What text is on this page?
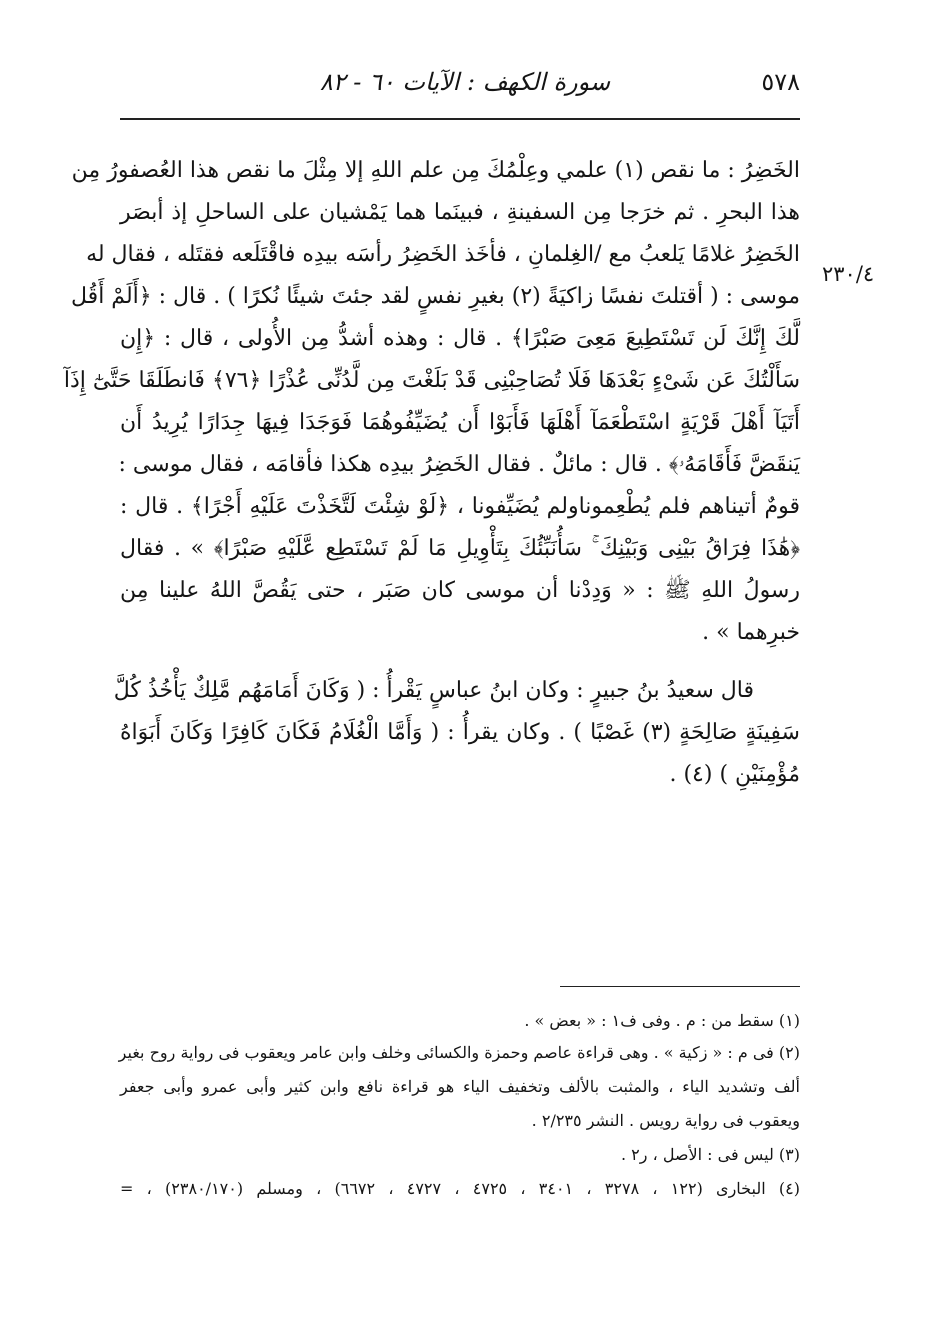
٥٧٨
سورة الكهف : الآيات ٦٠ - ٨٢
٢٣٠/٤
الخَضِرُ : ما نقص (١) علمي وعِلْمُكَ مِن علم اللهِ إلا مِثْلَ ما نقص هذا العُصفورُ مِن
هذا البحرِ . ثم خرَجا مِن السفينةِ ، فبينَما هما يَمْشيان على الساحلِ إذ أبصَر
الخَضِرُ غلامًا يَلعبُ مع /الغِلمانِ ، فأخَذ الخَضِرُ رأسَه بيدِه فاقْتَلَعه فقتَله ، فقال له
موسى : ( أقتلتَ نفسًا زاكيَةً (٢) بغيرِ نفسٍ لقد جئتَ شيئًا نُكرًا ) . قال : ﴿أَلَمْ أَقُل
لَّكَ إِنَّكَ لَن تَسْتَطِيعَ مَعِىَ صَبْرًا﴾ . قال : وهذه أشدُّ مِن الأُولى ، قال : ﴿إِن
سَأَلْتُكَ عَن شَىْءٍ بَعْدَهَا فَلَا تُصَاحِبْنِى قَدْ بَلَغْتَ مِن لَّدُنِّى عُذْرًا ﴿٧٦﴾ فَانطَلَقَا حَتَّىٰٓ إِذَآ
أَتَيَآ أَهْلَ قَرْيَةٍ اسْتَطْعَمَآ أَهْلَهَا فَأَبَوْا أَن يُضَيِّفُوهُمَا فَوَجَدَا فِيهَا جِدَارًا يُرِيدُ أَن
يَنقَضَّ فَأَقَامَهُۥ﴾ . قال : مائلٌ . فقال الخَضِرُ بيدِه هكذا فأقامَه ، فقال موسى :
قومٌ أتيناهم فلم يُطْعِموناولم يُضَيِّفونا ، ﴿لَوْ شِئْتَ لَتَّخَذْتَ عَلَيْهِ أَجْرًا﴾ . قال :
﴿هَٰذَا فِرَاقُ بَيْنِى وَبَيْنِكَ ۚ سَأُنَبِّئُكَ بِتَأْوِيلِ مَا لَمْ تَسْتَطِع عَّلَيْهِ صَبْرًا﴾ » . فقال
رسولُ اللهِ ﷺ : « وَدِدْنا أن موسى كان صَبَر ، حتى يَقُصَّ اللهُ علينا مِن
خبرِهما » .
قال سعيدُ بنُ جبيرٍ : وكان ابنُ عباسٍ يَقْرأُ : ( وَكَانَ أَمَامَهُم مَّلِكٌ يَأْخُذُ كُلَّ
سَفِينَةٍ صَالِحَةٍ (٣) غَصْبًا ) . وكان يقرأُ : ( وَأَمَّا الْغُلَامُ فَكَانَ كَافِرًا وَكَانَ أَبَوَاهُ
مُؤْمِنَيْنِ ) (٤) .
(١) سقط من : م . وفى ف١ : « بعض » .
(٢) فى م : « زكية » . وهى قراءة عاصم وحمزة والكسائى وخلف وابن عامر ويعقوب فى رواية روح بغير
ألف وتشديد الياء ، والمثبت بالألف وتخفيف الياء هو قراءة نافع وابن كثير وأبى عمرو وأبى جعفر
ويعقوب فى رواية رويس . النشر ٢/٢٣٥ .
(٣) ليس فى : الأصل ، ر٢ .
(٤) البخارى (١٢٢ ، ٣٢٧٨ ، ٣٤٠١ ، ٤٧٢٥ ، ٤٧٢٧ ، ٦٦٧٢) ، ومسلم (٢٣٨٠/١٧٠) ، =
